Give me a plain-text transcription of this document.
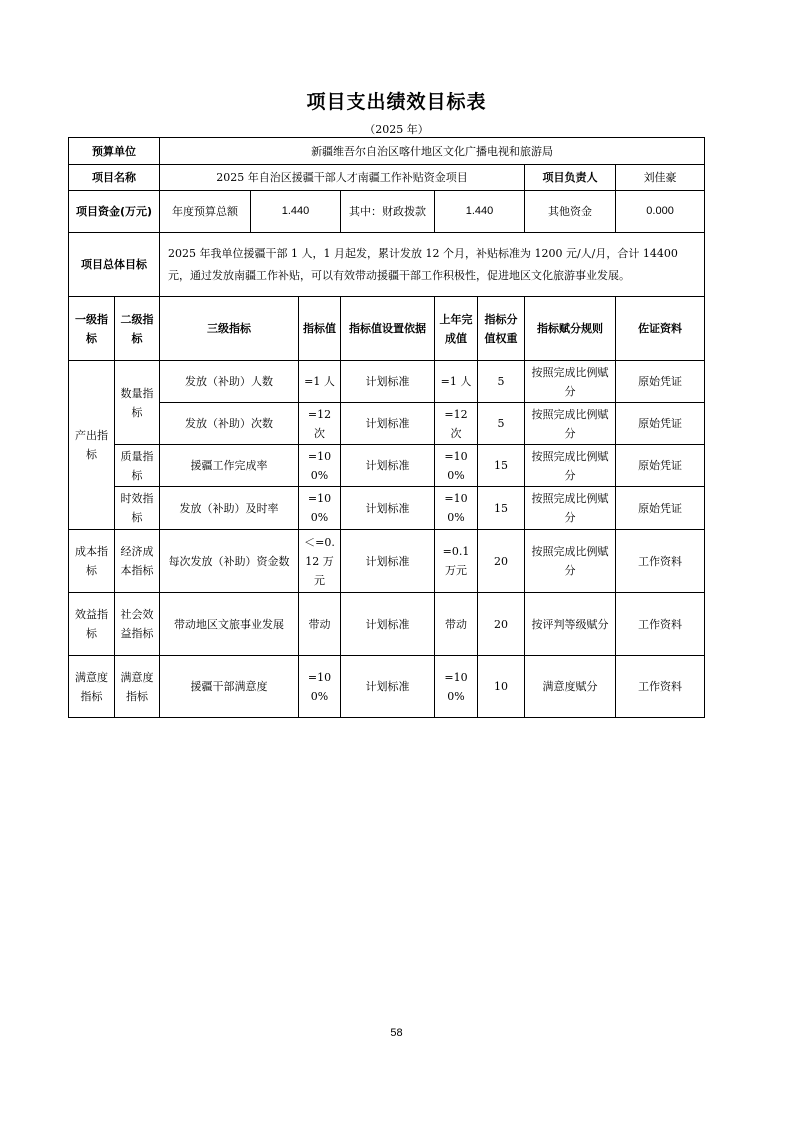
项目支出绩效目标表
（2025 年）
预算单位		新疆维吾尔自治区喀什地区文化广播电视和旅游局							
项目名称		2025 年自治区援疆干部人才南疆工作补贴资金项目						项目负责人	刘佳豪
项目资金(万元)		年度预算总额	1.440		其中：财政拨款	1.440		其他资金	0.000
项目总体目标		2025 年我单位援疆干部 1 人，1 月起发，累计发放 12 个月，补贴标准为 1200 元/人/月，合计 14400 元，通过发放南疆工作补贴，可以有效带动援疆干部工作积极性，促进地区文化旅游事业发展。							
一级指标	二级指标	三级指标		指标值	指标值设置依据	上年完成值	指标分值权重	指标赋分规则	佐证资料
产出指标	数量指标	发放（补助）人数		=1 人	计划标准	=1 人	5	按照完成比例赋分	原始凭证
		发放（补助）次数		=12 次	计划标准	=12 次	5	按照完成比例赋分	原始凭证
	质量指标	援疆工作完成率		=100%	计划标准	=100%	15	按照完成比例赋分	原始凭证
	时效指标	发放（补助）及时率		=100%	计划标准	=100%	15	按照完成比例赋分	原始凭证
成本指标	经济成本指标	每次发放（补助）资金数		＜=0.12 万元	计划标准	=0.1 万元	20	按照完成比例赋分	工作资料
效益指标	社会效益指标	带动地区文旅事业发展		带动	计划标准	带动	20	按评判等级赋分	工作资料
满意度指标	满意度指标	援疆干部满意度		=100%	计划标准	=100%	10	满意度赋分	工作资料
58
